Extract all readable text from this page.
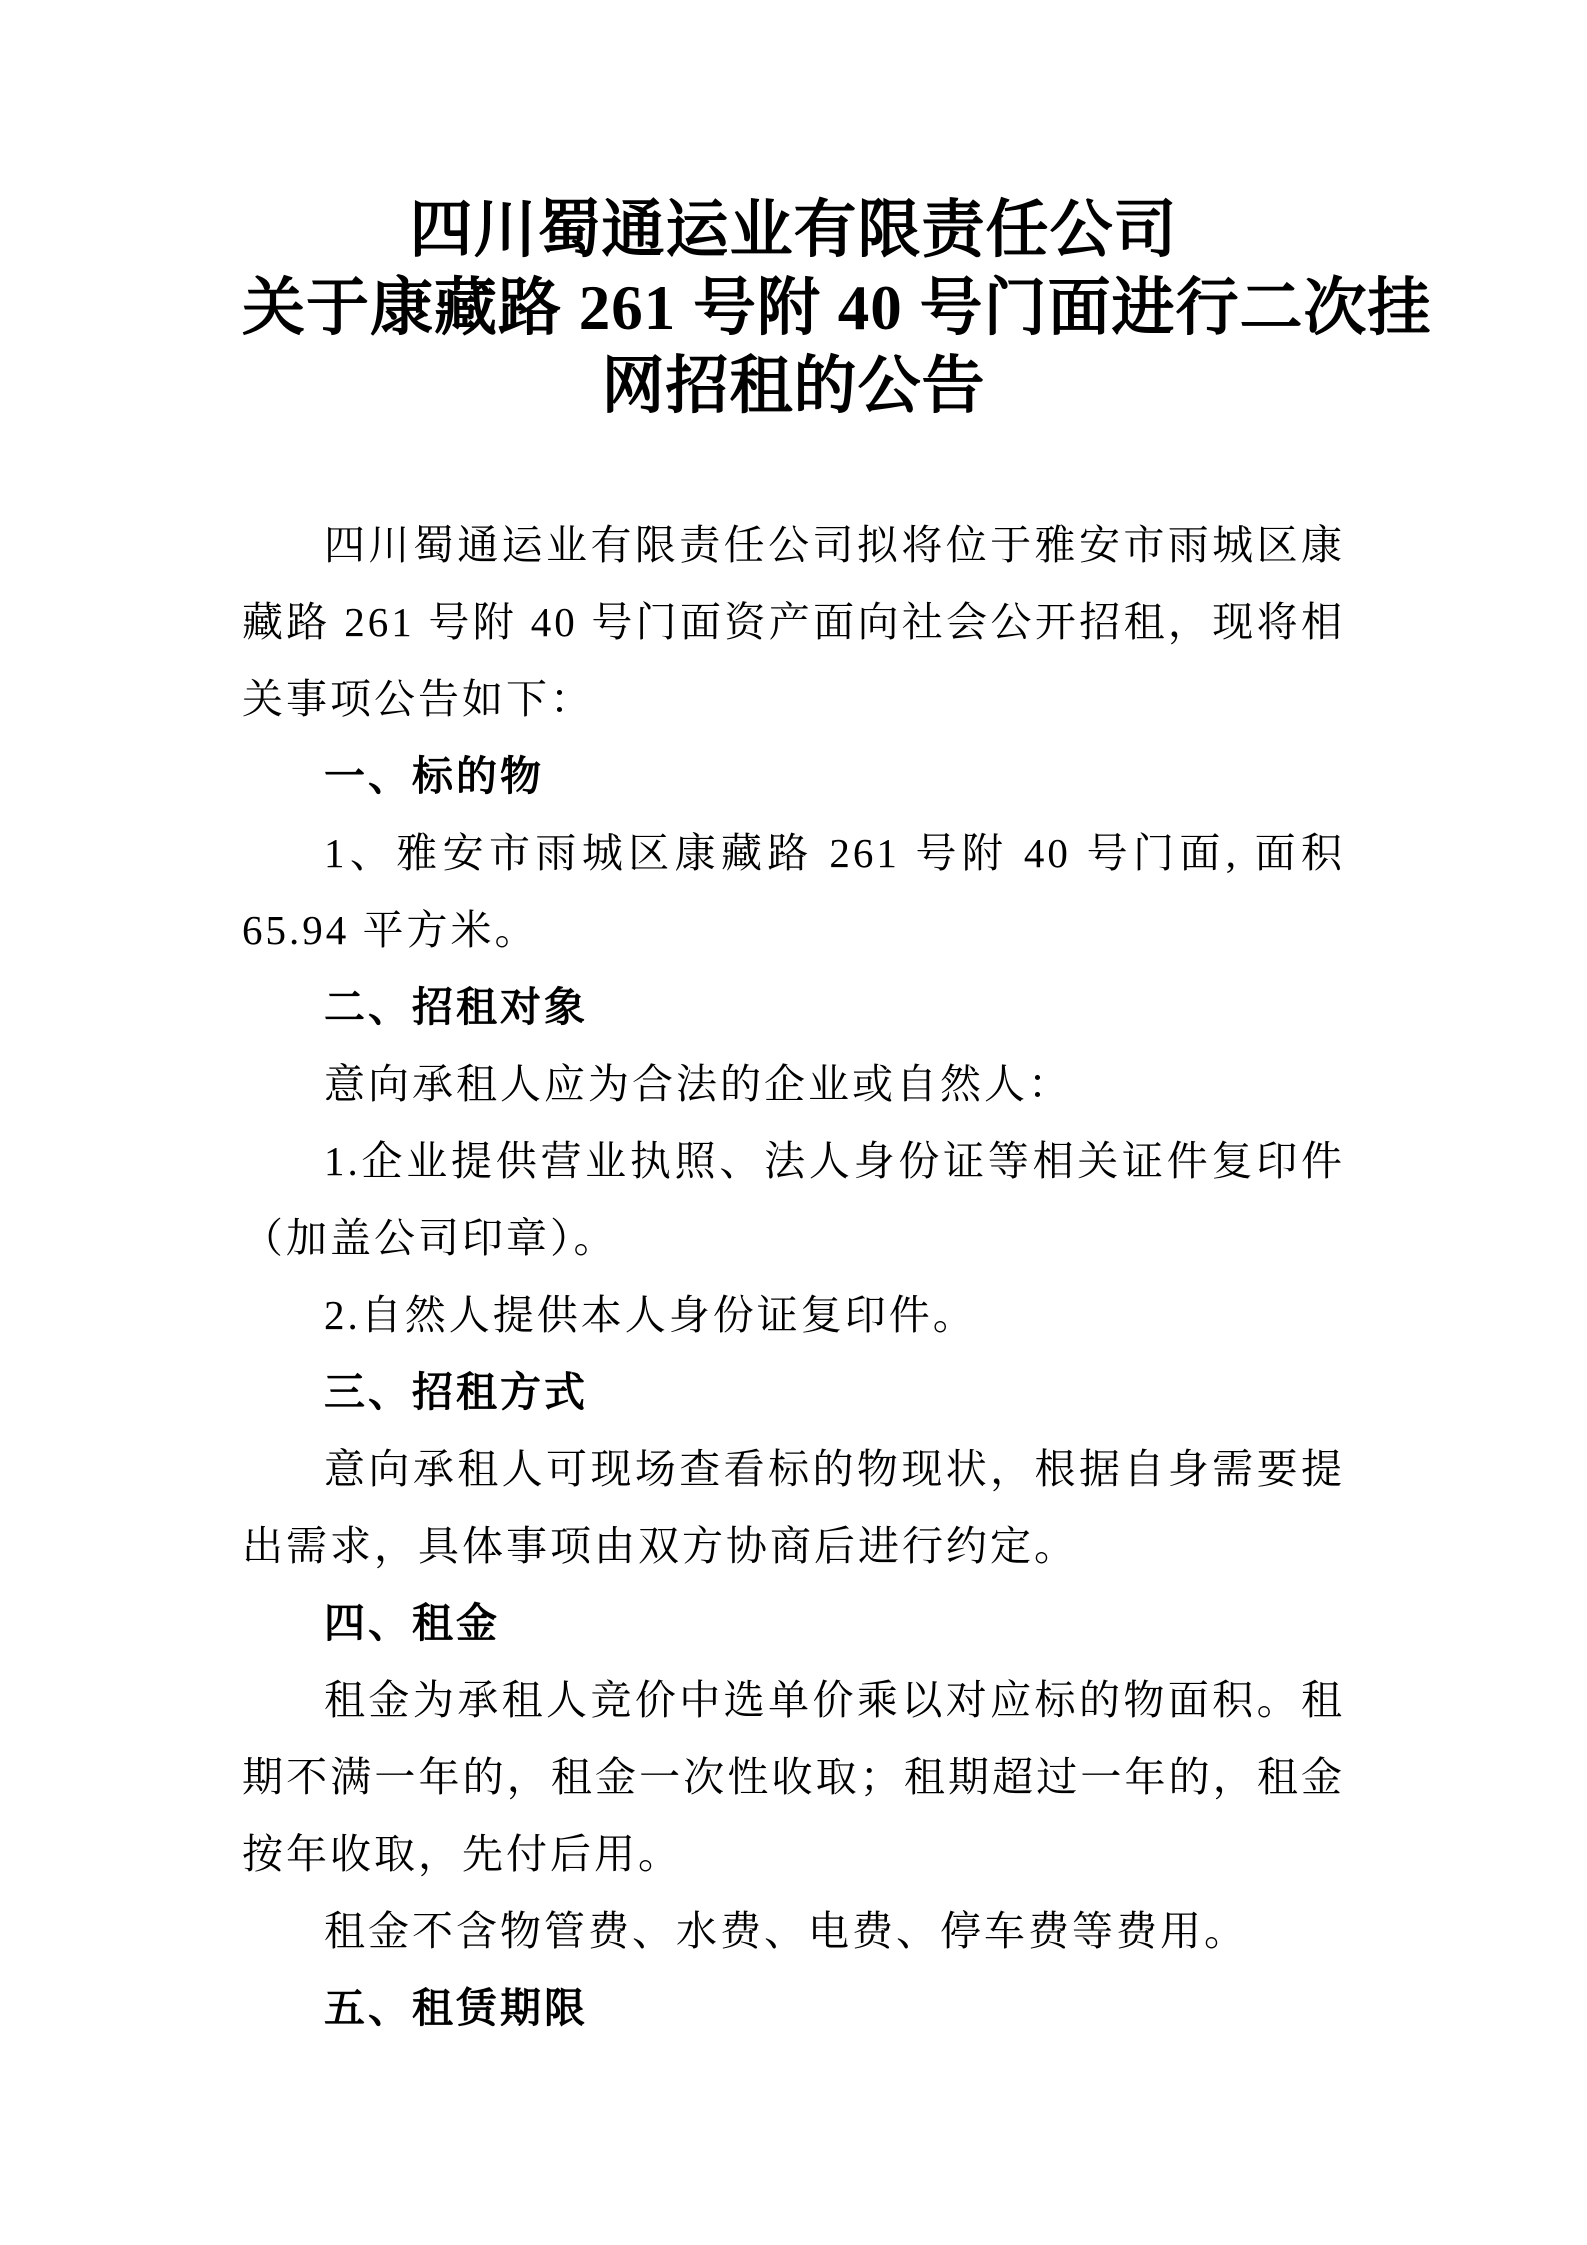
四川蜀通运业有限责任公司
关于康藏路 261 号附 40 号门面进行二次挂
网招租的公告

四川蜀通运业有限责任公司拟将位于雅安市雨城区康藏路 261 号附 40 号门面资产面向社会公开招租，现将相关事项公告如下：

一、标的物

1、雅安市雨城区康藏路 261 号附 40 号门面, 面积 65.94 平方米。

二、招租对象

意向承租人应为合法的企业或自然人：

1.企业提供营业执照、法人身份证等相关证件复印件（加盖公司印章）。

2.自然人提供本人身份证复印件。

三、招租方式

意向承租人可现场查看标的物现状，根据自身需要提出需求，具体事项由双方协商后进行约定。

四、租金

租金为承租人竞价中选单价乘以对应标的物面积。租期不满一年的，租金一次性收取；租期超过一年的，租金按年收取，先付后用。

租金不含物管费、水费、电费、停车费等费用。

五、租赁期限
